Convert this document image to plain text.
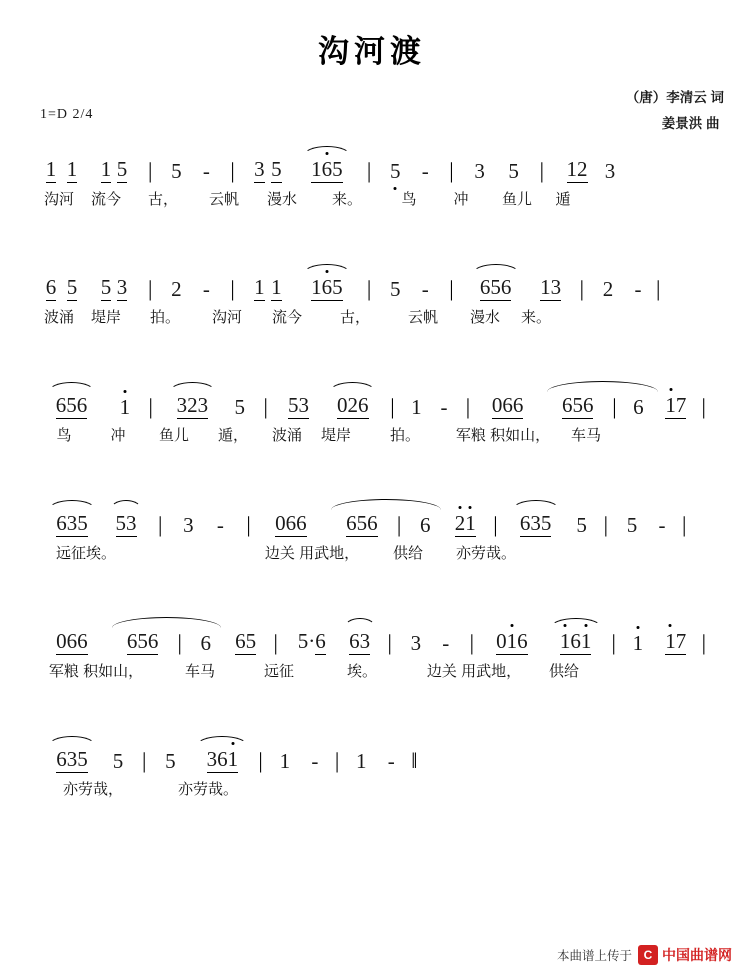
沟河渡
1=D 2/4
（唐）李清云 词
姜景洪 曲
1 1 1 5 | 5	- | 3 5	165	| 5	- | 3 5 |	12 3
沟河	流今	古，	云帆	漫水	来。	鸟	冲	鱼儿	遁
6 5 5 3 | 2	- | 1 1	165	| 5	- |	656	13 | 2	- |
波涌	堤岸	拍。	沟河	流今	古，	云帆	漫水	来。
656	1 |	323	5 | 53	026 | 1 - |	066	656 | 6	17 |
鸟	冲	鱼儿	遁，	波涌	堤岸	拍。	军粮 积如山，	车马
635	53 | 3	- |	066	656 | 6	21 |	635	5 | 5	- |
远征埃。	边关 用武地，	供给	亦劳哉。
066	656 | 6	65 | 5·6	63 | 3	- |	016	161 | 1	17 |
军粮 积如山，	车马	远征	埃。	边关 用武地，	供给
635	5 | 5	361 | 1	- | 1	- ‖
亦劳哉，	亦劳哉。
本曲谱上传于 C 中国曲谱网
